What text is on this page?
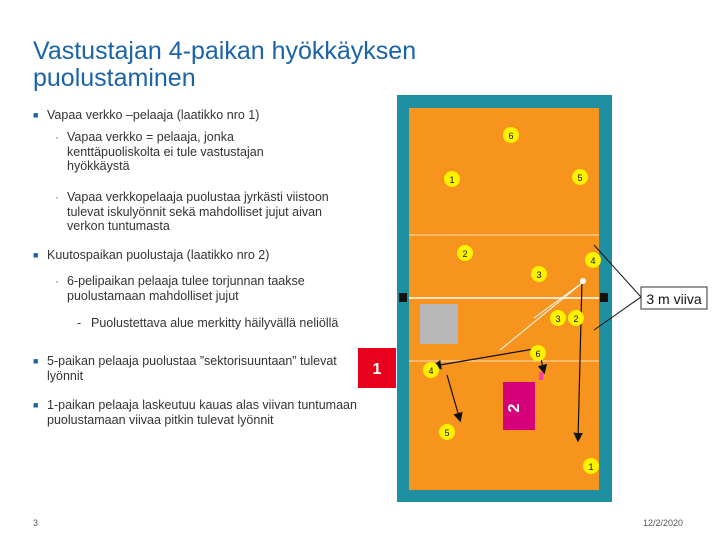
Vastustajan 4-paikan hyökkäyksen puolustaminen
■ Vapaa verkko –pelaaja (laatikko nro 1)
· Vapaa verkko = pelaaja, jonka kenttäpuoliskolta ei tule vastustajan hyökkäystä
· Vapaa verkkopelaaja puolustaa jyrkästi viistoon tulevat iskulyönnit sekä mahdolliset jujut aivan verkon tuntumasta
■ Kuutospaikan puolustaja (laatikko nro 2)
· 6-pelipaikan pelaaja tulee torjunnan taakse puolustamaan mahdolliset jujut
- Puolustettava alue merkitty häilyvällä neliöllä
■ 5-paikan pelaaja puolustaa ”sektorisuuntaan” tulevat lyönnit
■ 1-paikan pelaaja laskeutuu kauas alas viivan tuntumaan puolustamaan viivaa pitkin tulevat lyönnit
3 m viiva
1
2
6
1	5
2
4
3
3 2
6
4
5
1
3	12/2/2020
